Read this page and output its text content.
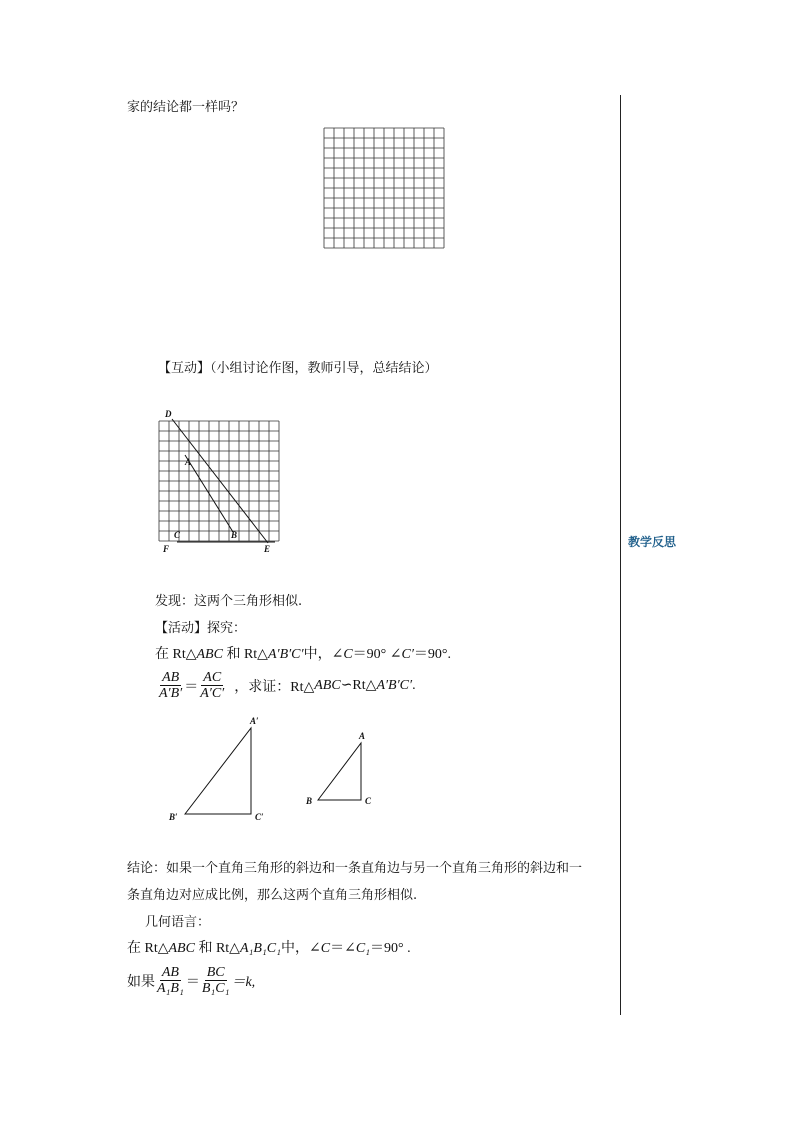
家的结论都一样吗？
【互动】（小组讨论作图，教师引导，总结结论）
D
A
C	B
F	E
发现：这两个三角形相似.
【活动】探究：
在 Rt△ABC 和 Rt△A′B′C′中，∠C＝90° ∠C′＝90°.
$\frac{AB}{A'B'} = \frac{AC}{A'C'}$ ，求证：Rt△ ABC ∽Rt△ A′B′C′ .
A′
B′	C′
A
B	C
结论：如果一个直角三角形的斜边和一条直角边与另一个直角三角形的斜边和一
条直角边对应成比例，那么这两个直角三角形相似.
几何语言：
在 Rt△ABC 和 Rt△A₁B₁C₁中，∠C＝∠C₁＝90° .
如果 $\frac{AB}{\text{A₁B₁}} = \frac{BC}{\text{B₁C₁}} =k$,
教学反思
